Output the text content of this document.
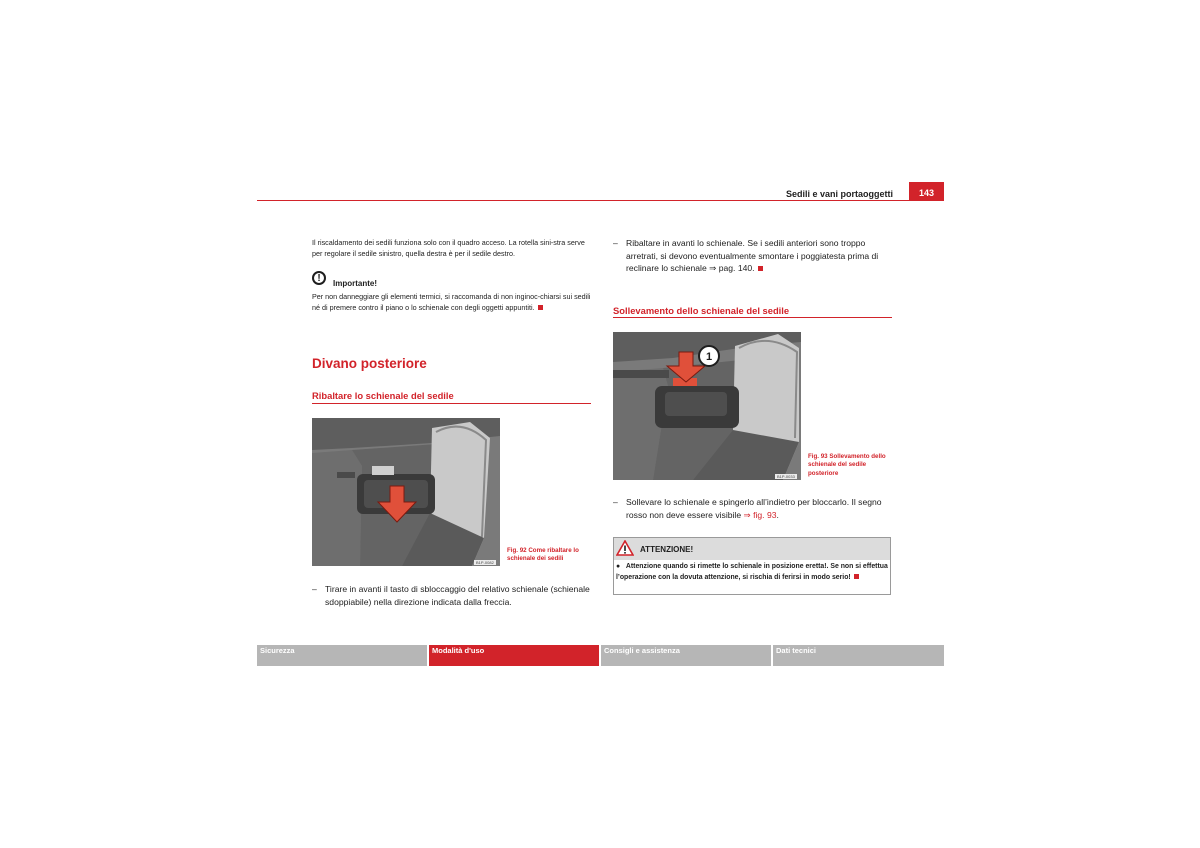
Sedili e vani portaoggetti	143
Il riscaldamento dei sedili funziona solo con il quadro acceso. La rotella sini-stra serve per regolare il sedile sinistro, quella destra è per il sedile destro.
!	Importante!
Per non danneggiare gli elementi termici, si raccomanda di non inginoc-chiarsi sui sedili né di premere contro il piano o lo schienale con degli oggetti appuntiti.
Divano posteriore
Ribaltare lo schienale del sedile
B1P-0082
Fig. 92 Come ribaltare lo schienale dei sedili
– Tirare in avanti il tasto di sbloccaggio del relativo schienale (schienale sdoppiabile) nella direzione indicata dalla freccia.
– Ribaltare in avanti lo schienale. Se i sedili anteriori sono troppo arretrati, si devono eventualmente smontare i poggiatesta prima di reclinare lo schienale ⇒ pag. 140.
Sollevamento dello schienale del sedile
1
B1P-0033
Fig. 93 Sollevamento dello schienale del sedile posteriore
– Sollevare lo schienale e spingerlo all’indietro per bloccarlo. Il segno rosso non deve essere visibile ⇒ fig. 93.
ATTENZIONE!
●   Attenzione quando si rimette lo schienale in posizione eretta!. Se non si effettua l’operazione con la dovuta attenzione, si rischia di ferirsi in modo serio!
Sicurezza	Modalità d'uso	Consigli e assistenza	Dati tecnici
